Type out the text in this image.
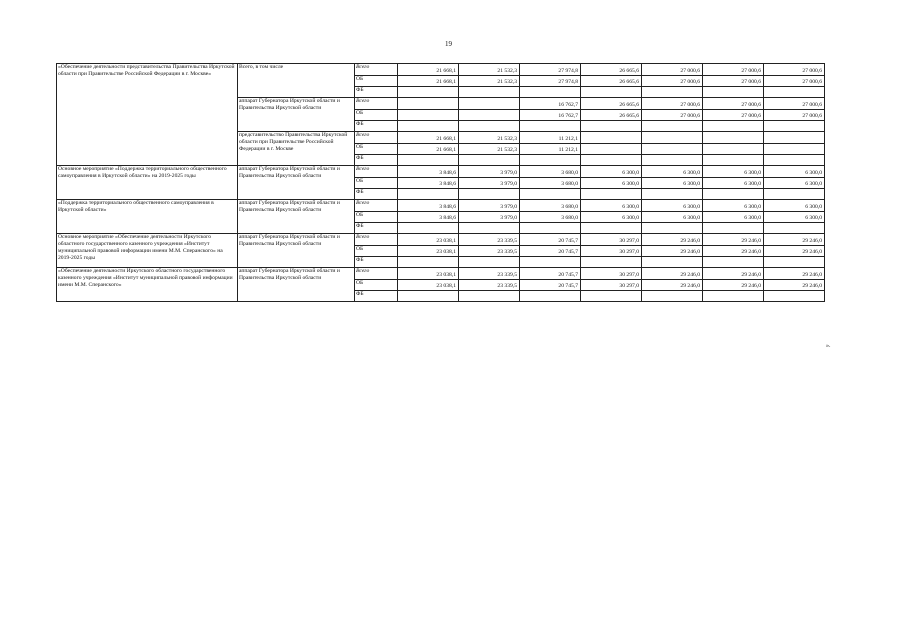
19
«Обеспечение деятельности представительства Правительства Иркутской области при Правительстве Российской Федерации в г. Москве»	Всего, в том числе	Всего	21 668,1	21 532,3	27 974,8	26 665,6	27 000,6	27 000,6	27 000,6
		ОБ	21 668,1	21 532,3	27 974,8	26 665,6	27 000,6	27 000,6	27 000,6
		ФБ							
	аппарат Губернатора Иркутской области и Правительства Иркутской области	Всего			16 762,7	26 665,6	27 000,6	27 000,6	27 000,6
		ОБ			16 762,7	26 665,6	27 000,6	27 000,6	27 000,6
		ФБ							
	представительство Правительства Иркутской области при Правительстве Российской Федерации в г. Москве	Всего	21 668,1	21 532,3	11 212,1				
		ОБ	21 668,1	21 532,3	11 212,1				
		ФБ							
Основное мероприятие «Поддержка территориального общественного самоуправления в Иркутской области» на 2019-2025 годы	аппарат Губернатора Иркутской области и Правительства Иркутской области	Всего	3 848,6	3 979,0	3 680,0	6 300,0	6 300,0	6 300,0	6 300,0
		ОБ	3 848,6	3 979,0	3 680,0	6 300,0	6 300,0	6 300,0	6 300,0
		ФБ							
«Поддержка территориального общественного самоуправления в Иркутской области»	аппарат Губернатора Иркутской области и Правительства Иркутской области	Всего	3 848,6	3 979,0	3 680,0	6 300,0	6 300,0	6 300,0	6 300,0
		ОБ	3 848,6	3 979,0	3 680,0	6 300,0	6 300,0	6 300,0	6 300,0
		ФБ							
Основное мероприятие «Обеспечение деятельности Иркутского областного государственного казенного учреждения «Институт муниципальной правовой информации имени М.М. Сперанского» на 2019-2025 годы	аппарат Губернатора Иркутской области и Правительства Иркутской области	Всего	23 038,1	23 339,5	20 745,7	30 297,0	29 246,0	29 246,0	29 246,0
		ОБ	23 038,1	23 339,5	20 745,7	30 297,0	29 246,0	29 246,0	29 246,0
		ФБ							
«Обеспечение деятельности Иркутского областного государственного казенного учреждения «Институт муниципальной правовой информации имени М.М. Сперанского»	аппарат Губернатора Иркутской области и Правительства Иркутской области	Всего	23 038,1	23 339,5	20 745,7	30 297,0	29 246,0	29 246,0	29 246,0
		ОБ	23 038,1	23 339,5	20 745,7	30 297,0	29 246,0	29 246,0	29 246,0
		ФБ							
».
